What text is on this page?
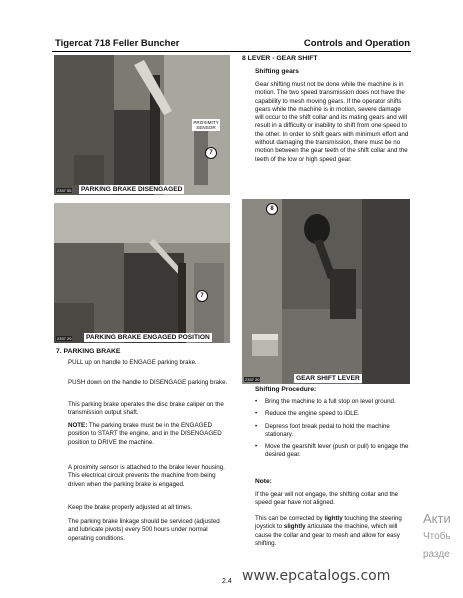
Tigercat 718 Feller Buncher	Controls and Operation
PROXIMITY SENSOR
7
2337 55	PARKING BRAKE DISENGAGED
7
2337 20	PARKING BRAKE ENGAGED POSITION
7. PARKING BRAKE
PULL up on handle to ENGAGE parking brake.
PUSH down on the handle to DISENGAGE parking brake.
This parking brake operates the disc brake caliper on the transmission output shaft.
NOTE: The parking brake must be in the ENGAGED position to START the engine, and in the DISENGAGED position to DRIVE the machine.
A proximity sensor is attached to the brake lever housing. This electrical circuit prevents the machine from being driven when the parking brake is engaged.
Keep the brake properly adjusted at all times.
The parking brake linkage should be serviced (adjusted and lubricate pivots) every 500 hours under normal operating conditions.
8 LEVER - GEAR SHIFT
Shifting gears
Gear shifting must not be done while the machine is in motion. The two speed transmission does not have the capability to mesh moving gears. If the operator shifts gears while the machine is in motion, severe damage will occur to the shift collar and its mating gears and will result in a difficulty or inability to shift from one speed to the other. In order to shift gears with minimum effort and without damaging the transmission, there must be no motion between the gear teeth of the shift collar and the teeth of the low or high speed gear.
8
2337 20	GEAR SHIFT LEVER
Shifting Procedure:
• Bring the machine to a full stop on level ground.
• Reduce the engine speed to IDLE.
• Depress foot break pedal to hold the machine stationary.
• Move the gearshift lever (push or pull) to engage the desired gear.
Note:
If the gear will not engage, the shifting collar and the speed gear have not aligned.
This can be corrected by lightly touching the steering joystick to slightly articulate the machine, which will cause the collar and gear to mesh and allow for easy shifting.
2.4 www.epcatalogs.com
Акти
Чтобь
разде
